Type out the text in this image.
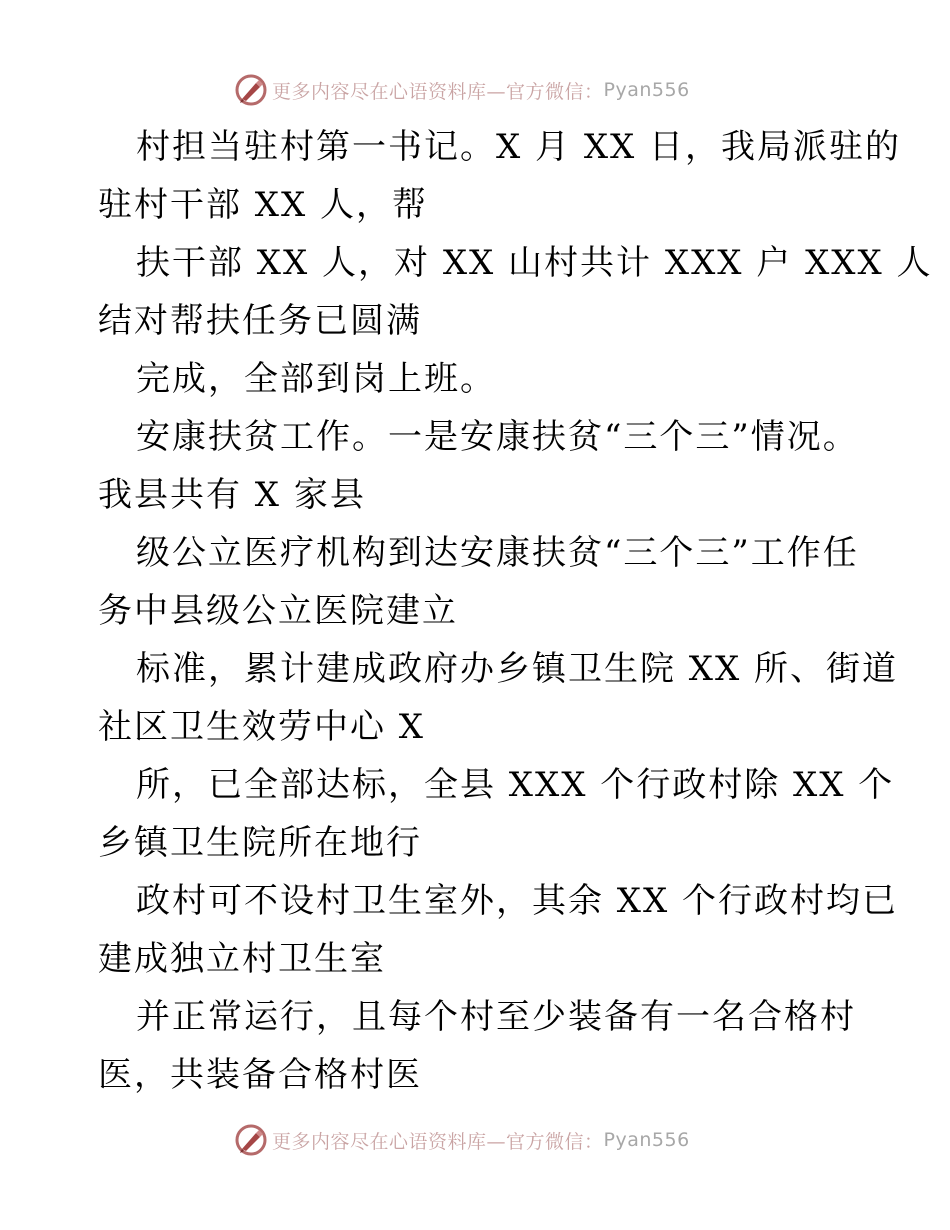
更多内容尽在心语资料库—官方微信： Pyan556
村担当驻村第一书记。X 月 XX 日，我局派驻的
驻村干部 XX 人，帮
扶干部 XX 人，对 XX 山村共计 XXX 户 XXX 人
结对帮扶任务已圆满
完成，全部到岗上班。
安康扶贫工作。一是安康扶贫“三个三”情况。
我县共有 X 家县
级公立医疗机构到达安康扶贫“三个三”工作任
务中县级公立医院建立
标准，累计建成政府办乡镇卫生院 XX 所、街道
社区卫生效劳中心 X
所，已全部达标，全县 XXX 个行政村除 XX 个
乡镇卫生院所在地行
政村可不设村卫生室外，其余 XX 个行政村均已
建成独立村卫生室
并正常运行，且每个村至少装备有一名合格村
医，共装备合格村医
更多内容尽在心语资料库—官方微信： Pyan556
